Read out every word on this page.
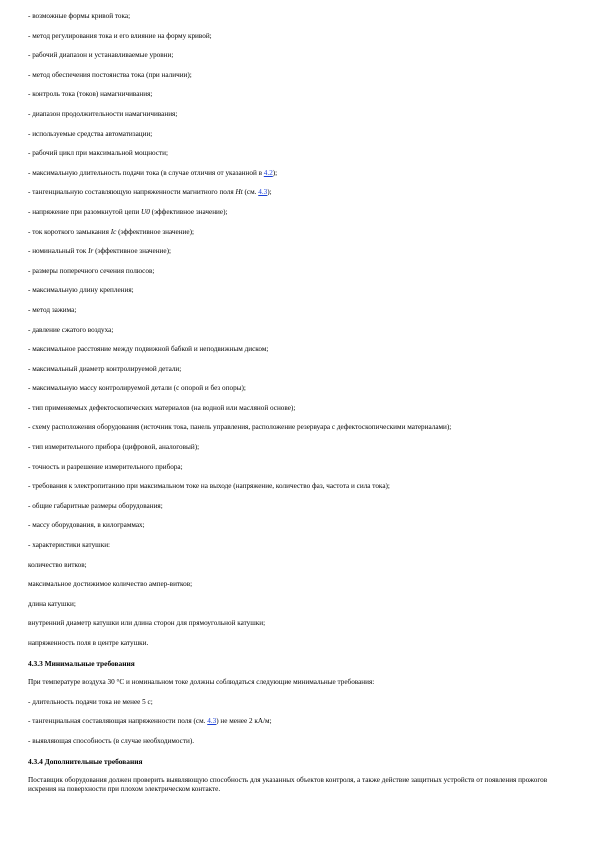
- возможные формы кривой тока;

- метод регулирования тока и его влияние на форму кривой;

- рабочий диапазон и устанавливаемые уровни;

- метод обеспечения постоянства тока (при наличии);

- контроль тока (токов) намагничивания;

- диапазон продолжительности намагничивания;

- используемые средства автоматизации;

- рабочий цикл при максимальной мощности;

- максимальную длительность подачи тока (в случае отличия от указанной в 4.2);

- тангенциальную составляющую напряженности магнитного поля Ht (см. 4.3);

- напряжение при разомкнутой цепи U0 (эффективное значение);

- ток короткого замыкания Ic (эффективное значение);

- номинальный ток Ir (эффективное значение);

- размеры поперечного сечения полюсов;

- максимальную длину крепления;

- метод зажима;

- давление сжатого воздуха;

- максимальное расстояние между подвижной бабкой и неподвижным диском;

- максимальный диаметр контролируемой детали;

- максимальную массу контролируемой детали (с опорой и без опоры);

- тип применяемых дефектоскопических материалов (на водной или масляной основе);

- схему расположения оборудования (источник тока, панель управления, расположение резервуара с дефектоскопическими материалами);

- тип измерительного прибора (цифровой, аналоговый);

- точность и разрешение измерительного прибора;

- требования к электропитанию при максимальном токе на выходе (напряжение, количество фаз, частота и сила тока);

- общие габаритные размеры оборудования;

- массу оборудования, в килограммах;

- характеристики катушки:

количество витков;

максимальное достижимое количество ампер-витков;

длина катушки;

внутренний диаметр катушки или длина сторон для прямоугольной катушки;

напряженность поля в центре катушки.

4.3.3 Минимальные требования

При температуре воздуха 30 °C и номинальном токе должны соблюдаться следующие минимальные требования:

- длительность подачи тока не менее 5 с;

- тангенциальная составляющая напряженности поля (см. 4.3) не менее 2 кА/м;

- выявляющая способность (в случае необходимости).

4.3.4 Дополнительные требования

Поставщик оборудования должен проверить выявляющую способность для указанных объектов контроля, а также действие защитных устройств от появления прожогов искрения на поверхности при плохом электрическом контакте.
